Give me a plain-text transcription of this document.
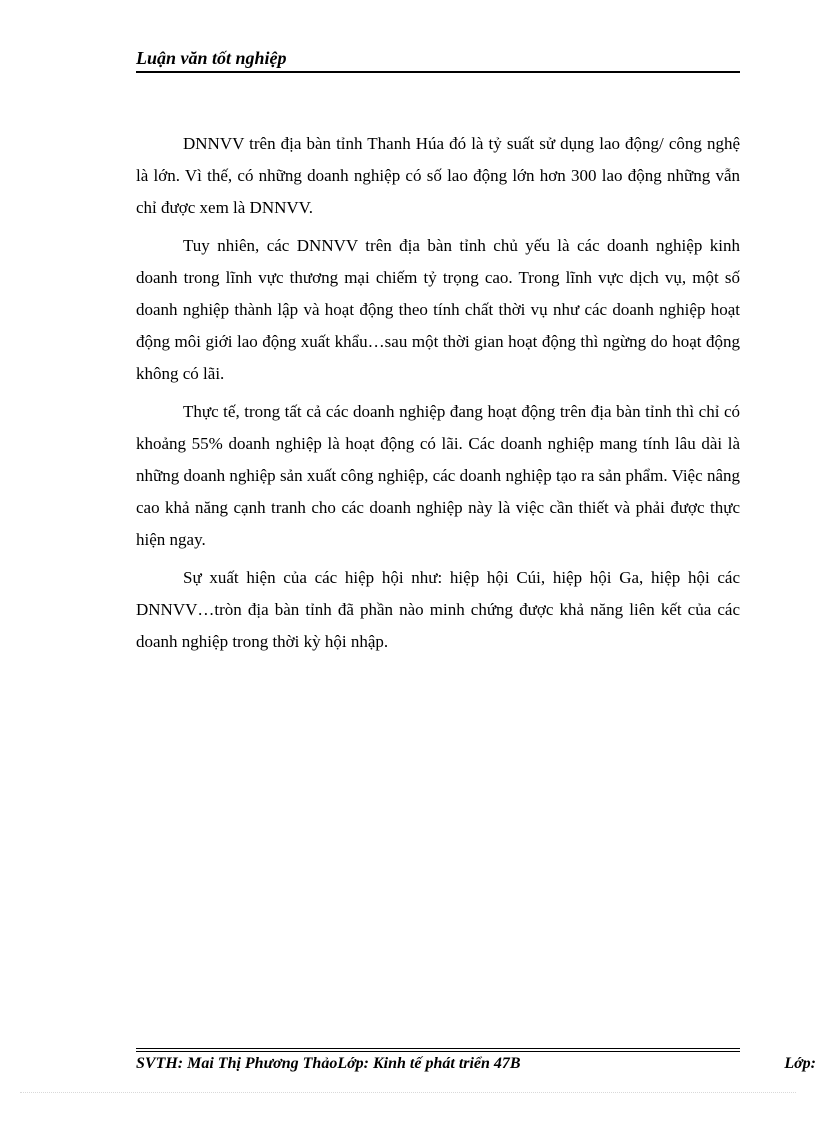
Luận văn tốt nghiệp

DNNVV trên địa bàn tỉnh Thanh Húa đó là tỷ suất sử dụng lao động/ công nghệ là lớn. Vì thế, có những doanh nghiệp có số lao động lớn hơn 300 lao động những vẫn chỉ được xem là DNNVV.

Tuy nhiên, các DNNVV trên địa bàn tỉnh chủ yếu là các doanh nghiệp kinh doanh trong lĩnh vực thương mại chiếm tỷ trọng cao. Trong lĩnh vực dịch vụ, một số doanh nghiệp thành lập và hoạt động theo tính chất thời vụ như các doanh nghiệp hoạt động môi giới lao động xuất khẩu…sau một thời gian hoạt động thì ngừng do hoạt động không có lãi.

Thực tế, trong tất cả các doanh nghiệp đang hoạt động trên địa bàn tỉnh thì chỉ có khoảng 55% doanh nghiệp là hoạt động có lãi. Các doanh nghiệp mang tính lâu dài là những doanh nghiệp sản xuất công nghiệp, các doanh nghiệp tạo ra sản phẩm. Việc nâng cao khả năng cạnh tranh cho các doanh nghiệp này là việc cần thiết và phải được thực hiện ngay.

Sự xuất hiện của các hiệp hội như: hiệp hội Cúi, hiệp hội Ga, hiệp hội các DNNVV…tròn địa bàn tỉnh đã phần nào minh chứng được khả năng liên kết của các doanh nghiệp trong thời kỳ hội nhập.

SVTH: Mai Thị Phương ThảoLớp: Kinh tế phát triển 47B	Lớp:
